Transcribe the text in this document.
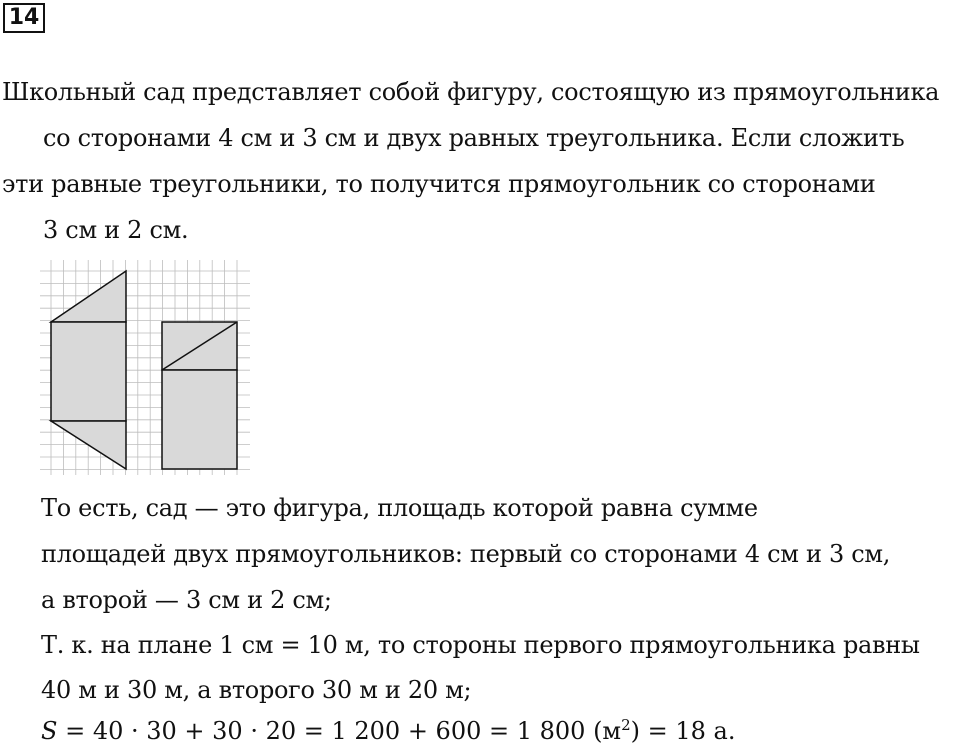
14
Школьный сад представляет собой фигуру, состоящую из прямоугольника
со сторонами 4 см и 3 см и двух равных треугольника. Если сложить
эти равные треугольники, то получится прямоугольник со сторонами
3 см и 2 см.
То есть, сад — это фигура, площадь которой равна сумме
площадей двух прямоугольников: первый со сторонами 4 см и 3 см,
а второй — 3 см и 2 см;
Т. к. на плане 1 см = 10 м, то стороны первого прямоугольника равны
40 м и 30 м, а второго 30 м и 20 м;
S = 40 · 30 + 30 · 20 = 1 200 + 600 = 1 800 $(м^2) = 18$ а.
